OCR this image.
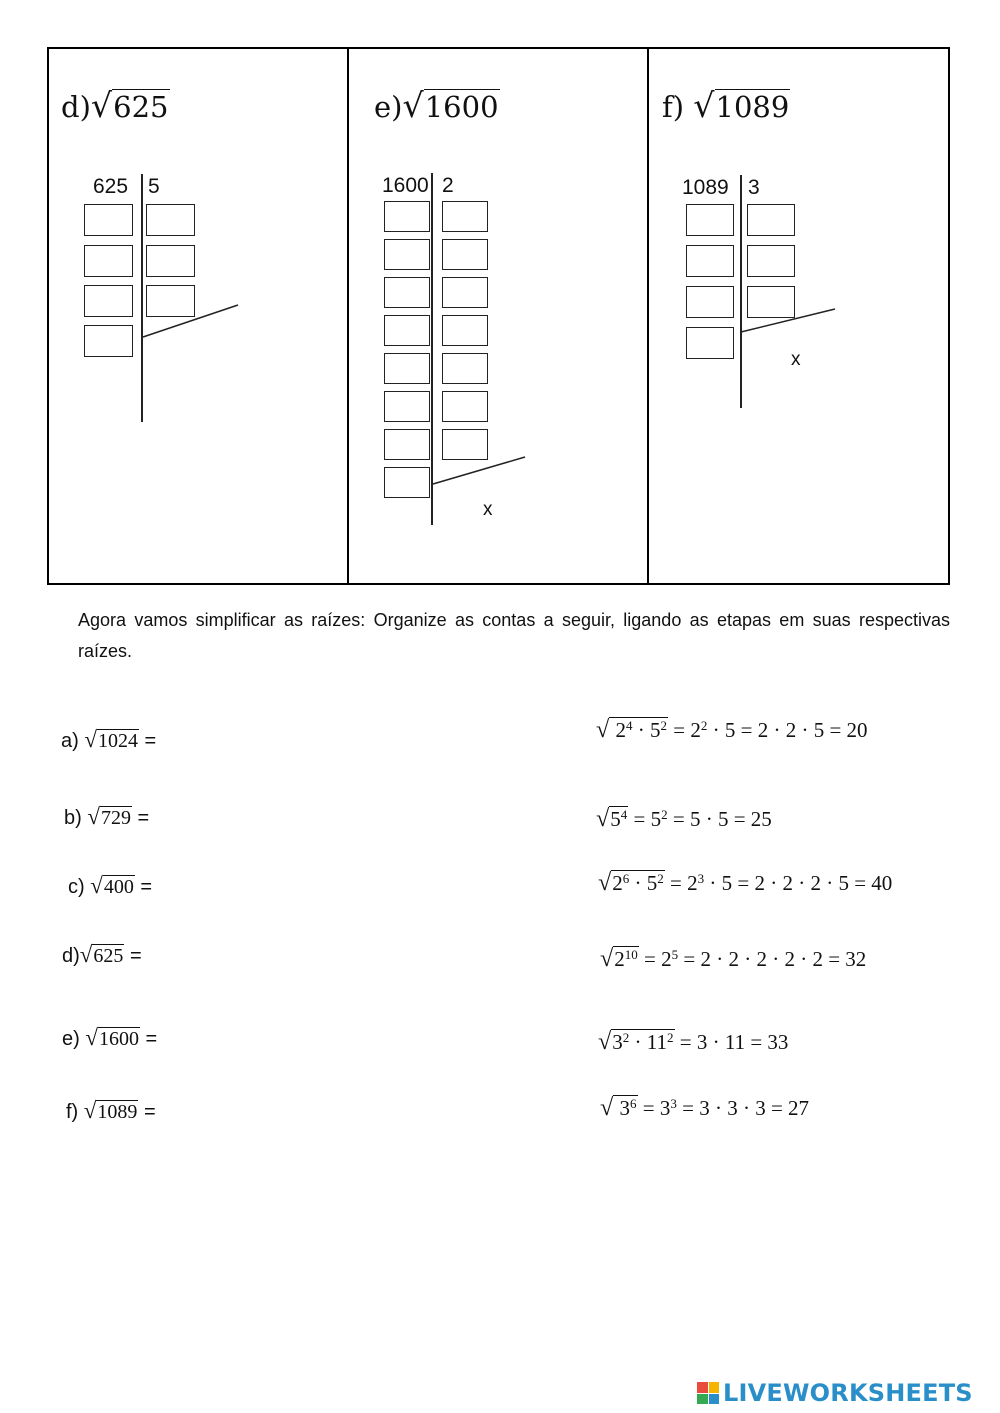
d)√625
625 5
e)√1600
1600 2
x
f) √1089
1089 3
x
Agora vamos simplificar as raízes: Organize as contas a seguir, ligando as etapas em suas respectivas raízes.
a) √1024 =
b) √729 =
c) √400 =
d)√625 =
e) √1600 =
f) √1089 =
√ $2^4 \cdot 5^2 = 2^2 \cdot 5 = 2 \cdot 2 \cdot 5 = 20$
$√5^4 = 5^2 = 5 \cdot 5 = 25$
$√2^6 \cdot 5^2 = 2^3 \cdot 5 = 2 \cdot 2 \cdot 2 \cdot 5 = 40$
$√2^{10} = 2^5 = 2 \cdot 2 \cdot 2 \cdot 2 \cdot 2 = 32$
$√3^2 \cdot 11^2 = 3 \cdot 11 = 33$
√ $3^6 = 3^3 = 3 \cdot 3 \cdot 3 = 27$
LIVEWORKSHEETS
